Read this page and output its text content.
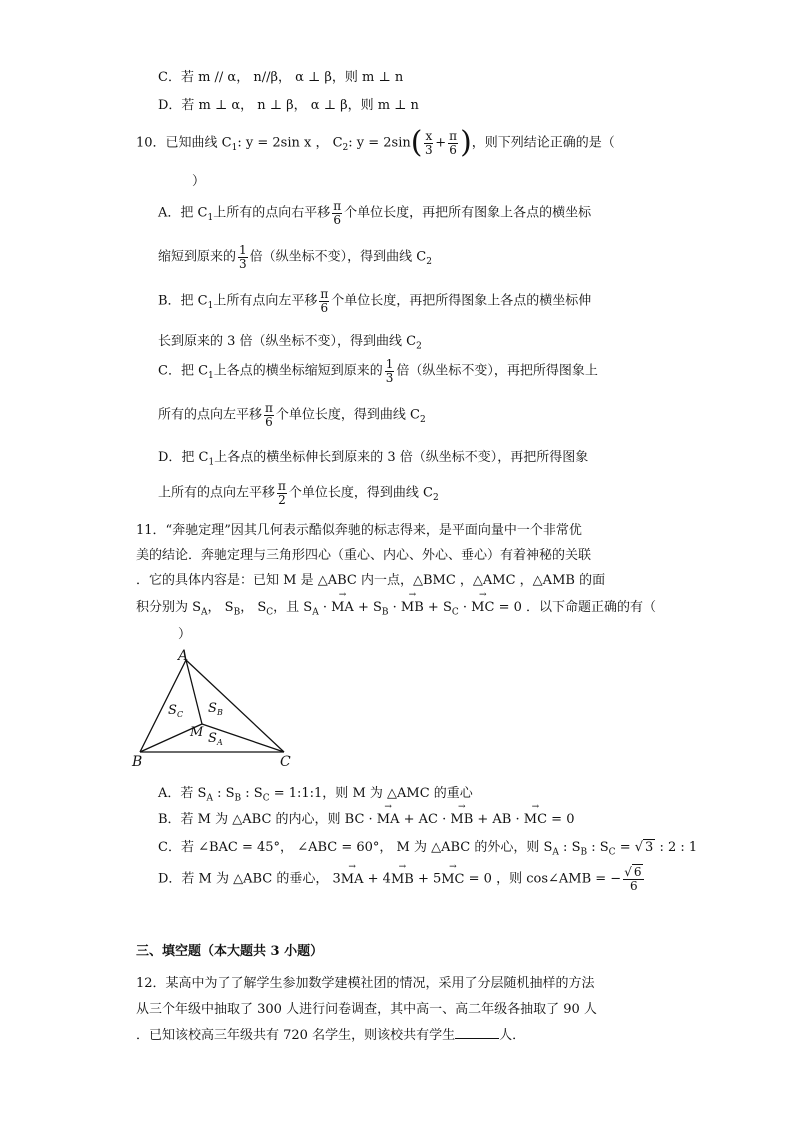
C．若 m // α， n//β， α ⊥ β，则 m ⊥ n
D．若 m ⊥ α， n ⊥ β， α ⊥ β，则 m ⊥ n
10．已知曲线 $C_1$: y = 2sin x ， $C_2$: $y = 2\sin( \frac{x}{3} + \frac{\pi}{6}$ )，则下列结论正确的是（
）
A．把 $C_1$上所有的点向右平移 $\frac{\pi}{6}$ 个单位长度，再把所有图象上各点的横坐标
缩短到原来的 $\frac{1}{3}$ 倍（纵坐标不变），得到曲线 $C_2$
B．把 $C_1$上所有点向左平移 $\frac{\pi}{6}$ 个单位长度，再把所得图象上各点的横坐标伸
长到原来的 3 倍（纵坐标不变），得到曲线 $C_2$
C．把 $C_1$上各点的横坐标缩短到原来的 $\frac{1}{3}$ 倍（纵坐标不变），再把所得图象上
所有的点向左平移 $\frac{\pi}{6}$ 个单位长度，得到曲线 $C_2$
D．把 $C_1$上各点的横坐标伸长到原来的 3 倍（纵坐标不变），再把所得图象
上所有的点向左平移 $\frac{\pi}{2}$ 个单位长度，得到曲线 $C_2$
11．“奔驰定理”因其几何表示酷似奔驰的标志得来，是平面向量中一个非常优
美的结论．奔驰定理与三角形四心（重心、内心、外心、垂心）有着神秘的关联
．它的具体内容是：已知 M 是 △ABC 内一点，△BMC ，△AMC ，△AMB 的面
积分别为 $S_A$， $S_B$， $S_C$，且 $S_A$ · → MA + $S_B$ · → MB + $S_C$ · → MC = 0 ．以下命题正确的有（
）
A
B	C
M
S C S B
S A
A．若 $S_A$ : $S_B$ : $S_C$ = 1:1:1，则 M 为 △AMC 的重心
B．若 M 为 △ABC 的内心，则 BC · → MA + AC · → MB + AB · → MC = 0
C．若 ∠BAC = 45°， ∠ABC = 60°， M 为 △ABC 的外心，则 $S_A$ : $S_B$ : $S_C$ = √ 3 : 2 : 1
D．若 M 为 △ABC 的垂心， 3→ MA + 4→ MB + 5→ MC = 0 ，则 cos∠AMB = − $\frac{√ 6}{6}$
三、填空题（本大题共 3 小题）
12．某高中为了了解学生参加数学建模社团的情况，采用了分层随机抽样的方法
从三个年级中抽取了 300 人进行问卷调查，其中高一、高二年级各抽取了 90 人
．已知该校高三年级共有 720 名学生，则该校共有学生	人．
